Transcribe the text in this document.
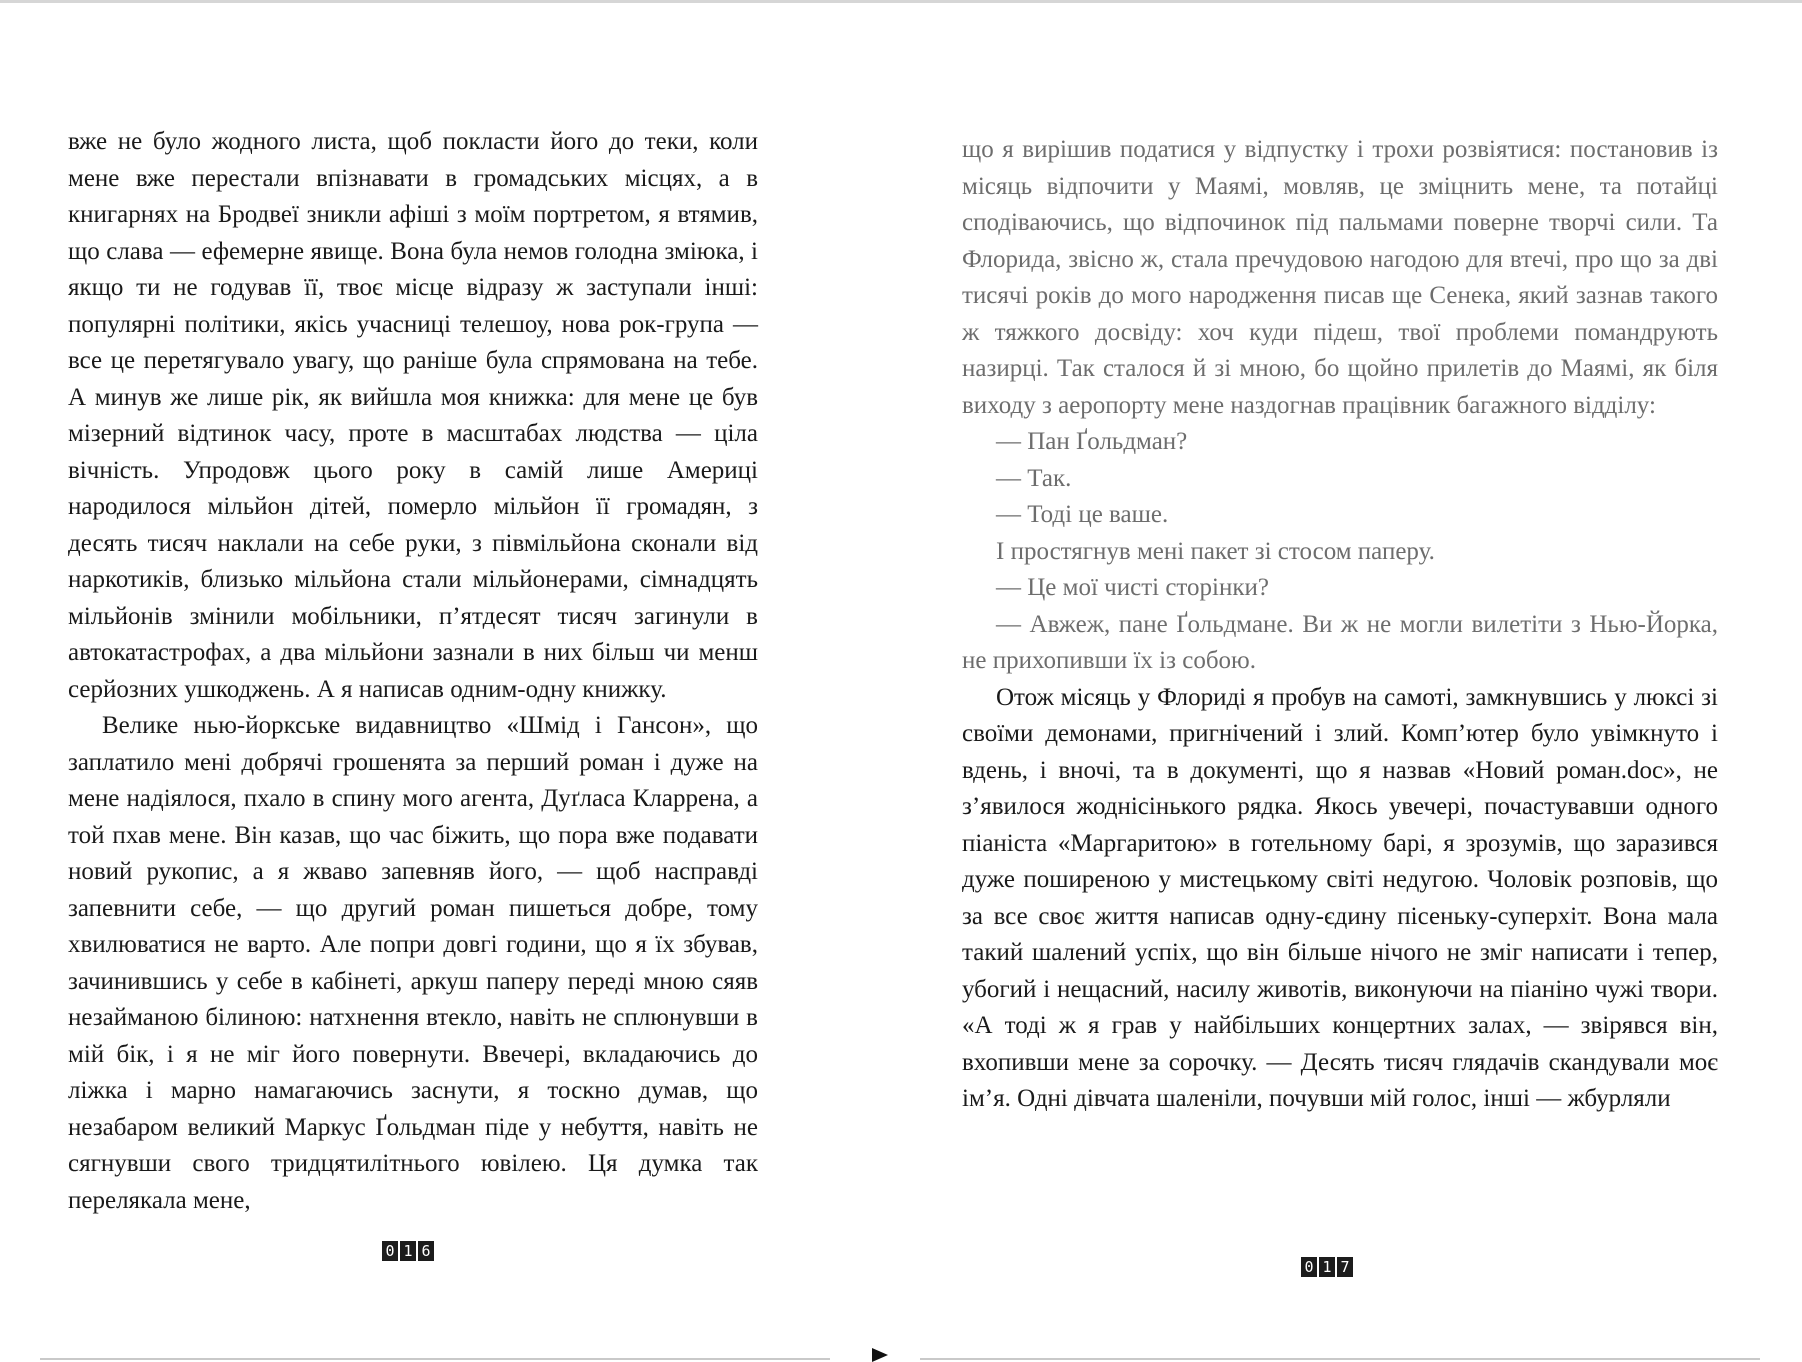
вже не було жодного листа, щоб покласти його до теки, коли мене вже перестали впізнавати в громадських місцях, а в книгарнях на Бродвеї зникли афіші з моїм портретом, я втямив, що слава — ефемерне явище. Вона була немов голодна змiюка, і якщо ти не годував її, твоє місце відразу ж заступали інші: популярні політики, якісь учасниці телешоу, нова рок-група — все це перетягувало увагу, що раніше була спрямована на тебе. А минув же лише рік, як вийшла моя книжка: для мене це був мізерний відтинок часу, проте в масштабах людства — ціла вічність. Упродовж цього року в самій лише Америці народилося мільйон дітей, померло мільйон її громадян, з десять тисяч наклали на себе руки, з півмільйона сконали від наркотиків, близько мільйона стали мільйонерами, сімнадцять мільйонів змінили мобільники, п’ятдесят тисяч загинули в автокатастрофах, а два мільйони зазнали в них більш чи менш серйозних ушкоджень. А я написав одним-одну книжку.

Велике нью-йоркське видавництво «Шмід і Гансон», що заплатило мені добрячі грошенята за перший роман і дуже на мене надіялося, пхало в спину мого агента, Дуґласа Кларрена, а той пхав мене. Він казав, що час біжить, що пора вже подавати новий рукопис, а я жваво запевняв його, — щоб насправді запевнити себе, — що другий роман пишеться добре, тому хвилюватися не варто. Але попри довгі години, що я їх збував, зачинившись у себе в кабінеті, аркуш паперу переді мною сяяв незайманою білиною: натхнення втекло, навіть не сплюнувши в мій бік, і я не міг його повернути. Ввечері, вкладаючись до ліжка і марно намагаючись заснути, я тоскно думав, що незабаром великий Маркус Ґольдман піде у небуття, навіть не сягнувши свого тридцятилітнього ювілею. Ця думка так перелякала мене,

0 1 6

що я вирішив податися у відпустку і трохи розвіятися: постановив із місяць відпочити у Маямі, мовляв, це зміцнить мене, та потайці сподіваючись, що відпочинок під пальмами поверне творчі сили. Та Флорида, звісно ж, стала пречудовою нагодою для втечі, про що за дві тисячі років до мого народження писав ще Сенека, який зазнав такого ж тяжкого досвіду: хоч куди підеш, твої проблеми помандрують назирці. Так сталося й зі мною, бо щойно прилетів до Маямі, як біля виходу з аеропорту мене наздогнав працівник багажного відділу:

— Пан Ґольдман?

— Так.

— Тоді це ваше.

І простягнув мені пакет зі стосом паперу.

— Це мої чисті сторінки?

— Авжеж, пане Ґольдмане. Ви ж не могли вилетіти з Нью-Йорка, не прихопивши їх із собою.

Отож місяць у Флориді я пробув на самоті, замкнувшись у люксі зі своїми демонами, пригнічений і злий. Комп’ютер було увімкнуто і вдень, і вночі, та в документі, що я назвав «Новий роман.doc», не з’явилося жоднісінького рядка. Якось увечері, почастувавши одного піаніста «Маргаритою» в готельному барі, я зрозумів, що заразився дуже поширеною у мистецькому світі недугою. Чоловік розповів, що за все своє життя написав одну-єдину пісеньку-суперхіт. Вона мала такий шалений успіх, що він більше нічого не зміг написати і тепер, убогий і нещасний, насилу животів, виконуючи на піаніно чужі твори. «А тоді ж я грав у найбільших концертних залах, — звірявся він, вхопивши мене за сорочку. — Десять тисяч глядачів скандували моє ім’я. Одні дівчата шаленіли, почувши мій голос, інші — жбурляли

0 1 7
